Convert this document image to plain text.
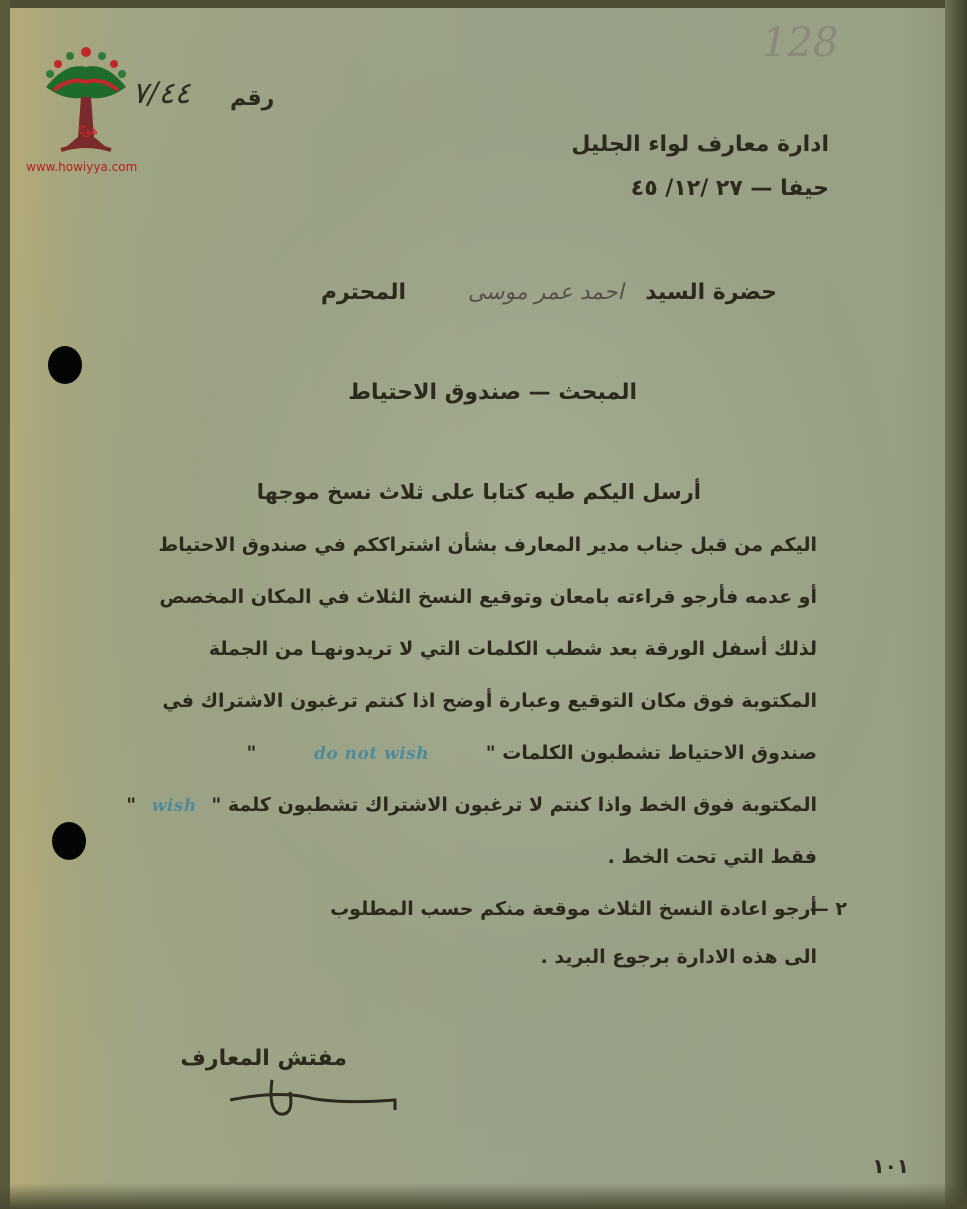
هويّا
www.howiyya.com
128
رقم
٧/٤٤
ادارة معارف لواء الجليل
حيفا — ٢٧ /١٢/ ٤٥
حضرة السيد احمد عمر موسى المحترم
المبحث — صندوق الاحتياط
أرسل اليكم طيه كتابا على ثلاث نسخ موجها
اليكم من قبل جناب مدير المعارف بشأن اشتراككم في صندوق الاحتياط
أو عدمه فأرجو قراءته بامعان وتوقيع النسخ الثلاث في المكان المخصص
لذلك أسفل الورقة بعد شطب الكلمات التي لا تريدونهـا من الجملة
المكتوبة فوق مكان التوقيع وعبارة أوضح اذا كنتم ترغبون الاشتراك في
صندوق الاحتياط تشطبون الكلمات " do not wish "
المكتوبة فوق الخط واذا كنتم لا ترغبون الاشتراك تشطبون كلمة " wish "
فقط التي تحت الخط .
٢ —
أرجو اعادة النسخ الثلاث موقعة منكم حسب المطلوب
الى هذه الادارة برجوع البريد .
مفتش المعارف
١٠١
